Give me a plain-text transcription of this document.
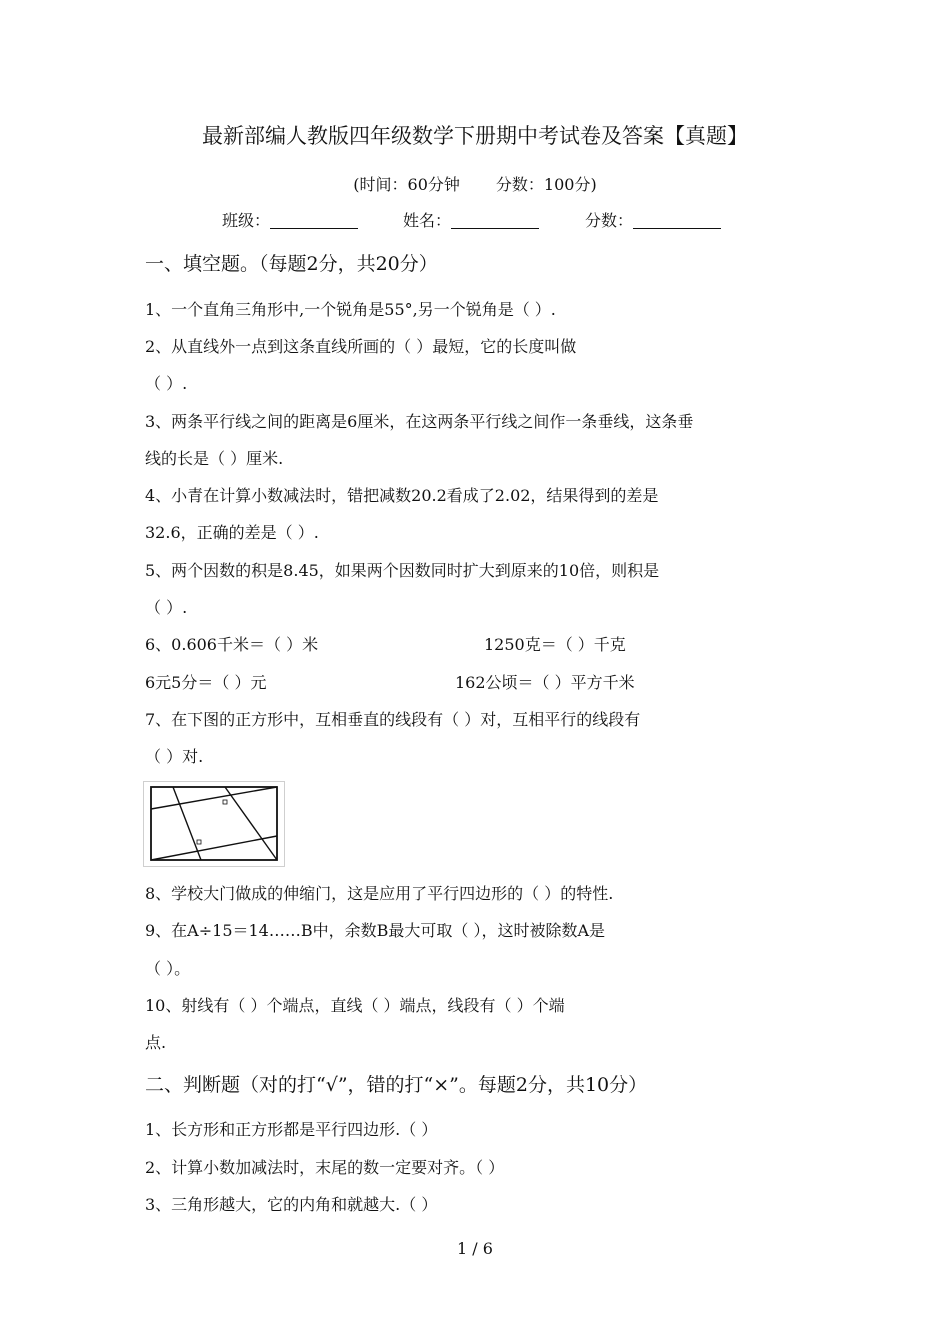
最新部编人教版四年级数学下册期中考试卷及答案【真题】
(时间：60分钟 分数：100分)
班级：	姓名：	分数：
一、填空题。（每题2分，共20分）
1、一个直角三角形中,一个锐角是55°,另一个锐角是（ ）.
2、从直线外一点到这条直线所画的（ ）最短，它的长度叫做
（ ）.
3、两条平行线之间的距离是6厘米，在这两条平行线之间作一条垂线，这条垂
线的长是（ ）厘米.
4、小青在计算小数减法时，错把减数20.2看成了2.02，结果得到的差是
32.6，正确的差是（ ）.
5、两个因数的积是8.45，如果两个因数同时扩大到原来的10倍，则积是
（ ）.
6、0.606千米＝（ ）米	1250克＝（ ）千克
6元5分＝（ ）元	162公顷＝（ ）平方千米
7、在下图的正方形中，互相垂直的线段有（ ）对，互相平行的线段有
（ ）对.
8、学校大门做成的伸缩门，这是应用了平行四边形的（ ）的特性.
9、在A÷15＝14……B中，余数B最大可取（ ），这时被除数A是
（ ）。
10、射线有（ ）个端点，直线（ ）端点，线段有（ ）个端
点.
二、判断题（对的打“√”，错的打“×”。每题2分，共10分）
1、长方形和正方形都是平行四边形.（ ）
2、计算小数加减法时，末尾的数一定要对齐。（ ）
3、三角形越大，它的内角和就越大.（ ）
1 / 6
